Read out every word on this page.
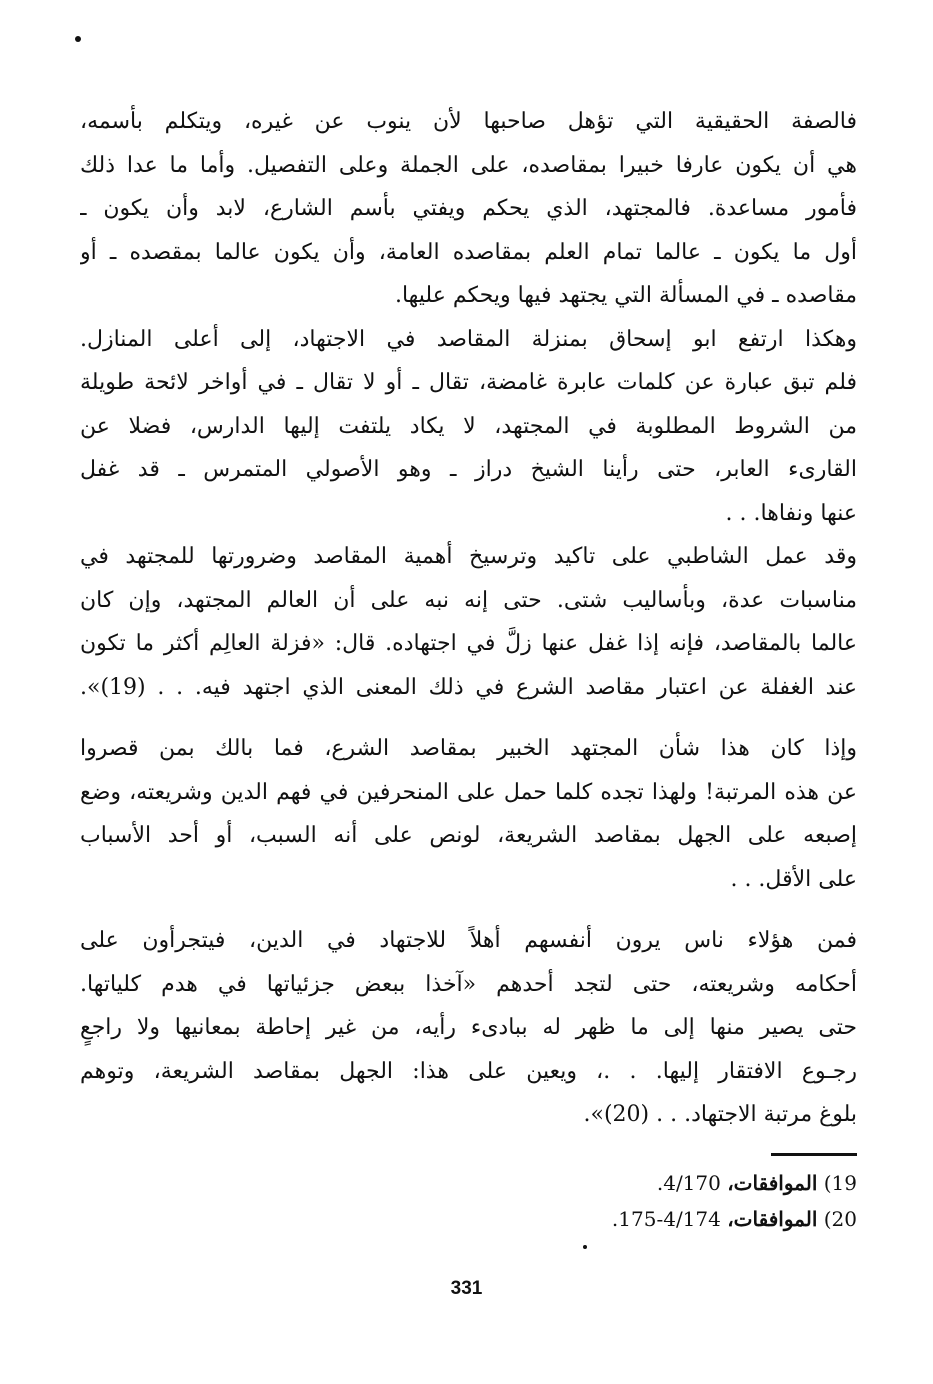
فالصفة الحقيقية التي تؤهل صاحبها لأن ينوب عن غيره، ويتكلم بأسمه،
هي أن يكون عارفا خبيرا بمقاصده، على الجملة وعلى التفصيل. وأما ما عدا ذلك
فأمور مساعدة. فالمجتهد، الذي يحكم ويفتي بأسم الشارع، لابد وأن يكون ـ
أول ما يكون ـ عالما تمام العلم بمقاصده العامة، وأن يكون عالما بمقصده ـ أو
مقاصده ـ في المسألة التي يجتهد فيها ويحكم عليها.

وهكذا ارتفع ابو إسحاق بمنزلة المقاصد في الاجتهاد، إلى أعلى المنازل.
فلم تبق عبارة عن كلمات عابرة غامضة، تقال ـ أو لا تقال ـ في أواخر لائحة طويلة
من الشروط المطلوبة في المجتهد، لا يكاد يلتفت إليها الدارس، فضلا عن
القارىء العابر، حتى رأينا الشيخ دراز ـ وهو الأصولي المتمرس ـ قد غفل
عنها ونفاها. . .

وقد عمل الشاطبي على تاكيد وترسيخ أهمية المقاصد وضرورتها للمجتهد في
مناسبات عدة، وبأساليب شتى. حتى إنه نبه على أن العالم المجتهد، وإن كان
عالما بالمقاصد، فإنه إذا غفل عنها زلَّ في اجتهاده. قال: «فزلة العالِم أكثر ما تكون
عند الغفلة عن اعتبار مقاصد الشرع في ذلك المعنى الذي اجتهد فيه. . . (19)».

وإذا كان هذا شأن المجتهد الخبير بمقاصد الشرع، فما بالك بمن قصروا
عن هذه المرتبة! ولهذا تجده كلما حمل على المنحرفين في فهم الدين وشريعته، وضع
إصبعه على الجهل بمقاصد الشريعة، لونص على أنه السبب، أو أحد الأسباب
على الأقل. . .

فمن هؤلاء ناس يرون أنفسهم أهلاً للاجتهاد في الدين، فيتجرأون على
أحكامه وشريعته، حتى لتجد أحدهم «آخذا ببعض جزئياتها في هدم كلياتها.
حتى يصير منها إلى ما ظهر له ببادىء رأيه، من غير إحاطة بمعانيها ولا راجعٍ
رجـوع الافتقار إليها. . .، ويعين على هذا: الجهل بمقاصد الشريعة، وتوهم
بلوغ مرتبة الاجتهاد. . . (20)».

19) الموافقات، 4/170.
20) الموافقات، 4/174-175.
331
